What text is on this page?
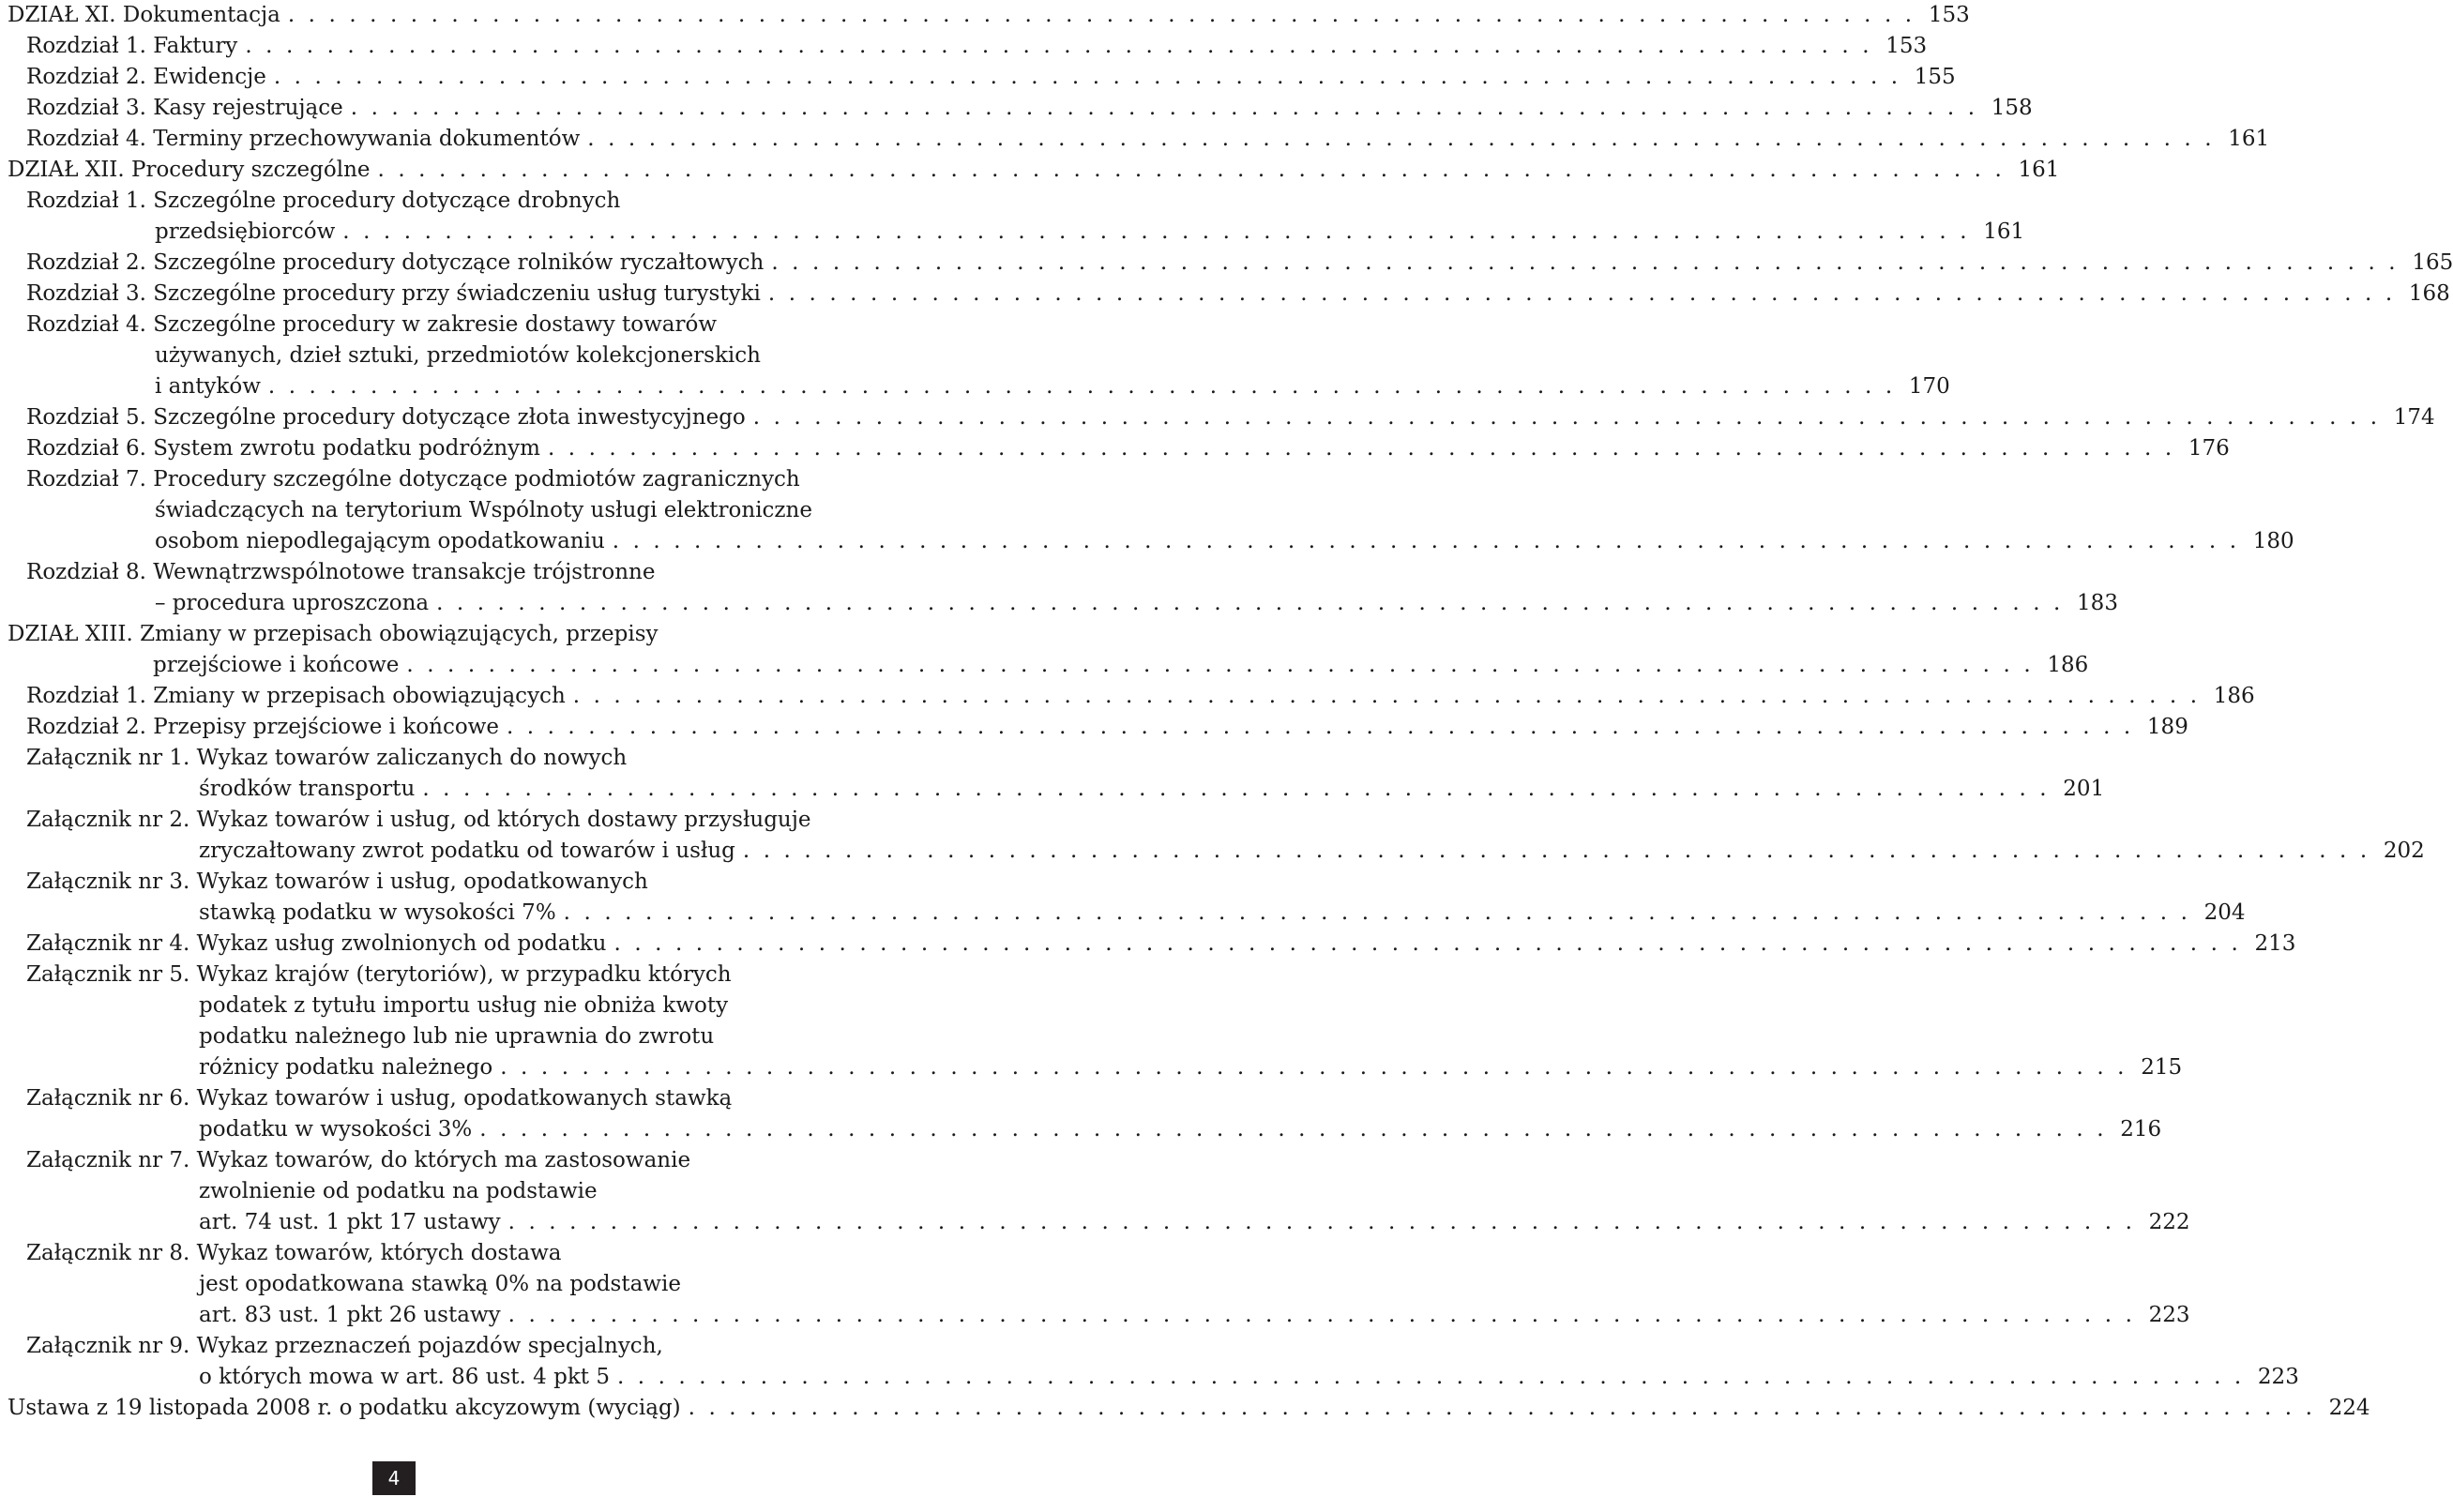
DZIAŁ XI. Dokumentacja . . . . . . . . . . . . . . . . . . . . . . . . . . . . . . . . . . . . . . . . . . . . . . . . . . . . . . . . . . . . . . . . . . . . . . . . . . . . . . . . 153
Rozdział 1. Faktury . . . . . . . . . . . . . . . . . . . . . . . . . . . . . . . . . . . . . . . . . . . . . . . . . . . . . . . . . . . . . . . . . . . . . . . . . . . . . . . . 153
Rozdział 2. Ewidencje . . . . . . . . . . . . . . . . . . . . . . . . . . . . . . . . . . . . . . . . . . . . . . . . . . . . . . . . . . . . . . . . . . . . . . . . . . . . . . . . 155
Rozdział 3. Kasy rejestrujące . . . . . . . . . . . . . . . . . . . . . . . . . . . . . . . . . . . . . . . . . . . . . . . . . . . . . . . . . . . . . . . . . . . . . . . . . . . . . . . . 158
Rozdział 4. Terminy przechowywania dokumentów . . . . . . . . . . . . . . . . . . . . . . . . . . . . . . . . . . . . . . . . . . . . . . . . . . . . . . . . . . . . . . . . . . . . . . . . . . . . . . . . 161
DZIAŁ XII. Procedury szczególne . . . . . . . . . . . . . . . . . . . . . . . . . . . . . . . . . . . . . . . . . . . . . . . . . . . . . . . . . . . . . . . . . . . . . . . . . . . . . . . . 161
Rozdział 1. Szczególne procedury dotyczące drobnych
przedsiębiorców . . . . . . . . . . . . . . . . . . . . . . . . . . . . . . . . . . . . . . . . . . . . . . . . . . . . . . . . . . . . . . . . . . . . . . . . . . . . . . . . 161
Rozdział 2. Szczególne procedury dotyczące rolników ryczałtowych . . . . . . . . . . . . . . . . . . . . . . . . . . . . . . . . . . . . . . . . . . . . . . . . . . . . . . . . . . . . . . . . . . . . . . . . . . . . . . . . 165
Rozdział 3. Szczególne procedury przy świadczeniu usług turystyki . . . . . . . . . . . . . . . . . . . . . . . . . . . . . . . . . . . . . . . . . . . . . . . . . . . . . . . . . . . . . . . . . . . . . . . . . . . . . . . . 168
Rozdział 4. Szczególne procedury w zakresie dostawy towarów
używanych, dzieł sztuki, przedmiotów kolekcjonerskich
i antyków . . . . . . . . . . . . . . . . . . . . . . . . . . . . . . . . . . . . . . . . . . . . . . . . . . . . . . . . . . . . . . . . . . . . . . . . . . . . . . . . 170
Rozdział 5. Szczególne procedury dotyczące złota inwestycyjnego . . . . . . . . . . . . . . . . . . . . . . . . . . . . . . . . . . . . . . . . . . . . . . . . . . . . . . . . . . . . . . . . . . . . . . . . . . . . . . . . 174
Rozdział 6. System zwrotu podatku podróżnym . . . . . . . . . . . . . . . . . . . . . . . . . . . . . . . . . . . . . . . . . . . . . . . . . . . . . . . . . . . . . . . . . . . . . . . . . . . . . . . . 176
Rozdział 7. Procedury szczególne dotyczące podmiotów zagranicznych
świadczących na terytorium Wspólnoty usługi elektroniczne
osobom niepodlegającym opodatkowaniu . . . . . . . . . . . . . . . . . . . . . . . . . . . . . . . . . . . . . . . . . . . . . . . . . . . . . . . . . . . . . . . . . . . . . . . . . . . . . . . . 180
Rozdział 8. Wewnątrzwspólnotowe transakcje trójstronne
– procedura uproszczona . . . . . . . . . . . . . . . . . . . . . . . . . . . . . . . . . . . . . . . . . . . . . . . . . . . . . . . . . . . . . . . . . . . . . . . . . . . . . . . . 183
DZIAŁ XIII. Zmiany w przepisach obowiązujących, przepisy
przejściowe i końcowe . . . . . . . . . . . . . . . . . . . . . . . . . . . . . . . . . . . . . . . . . . . . . . . . . . . . . . . . . . . . . . . . . . . . . . . . . . . . . . . . 186
Rozdział 1. Zmiany w przepisach obowiązujących . . . . . . . . . . . . . . . . . . . . . . . . . . . . . . . . . . . . . . . . . . . . . . . . . . . . . . . . . . . . . . . . . . . . . . . . . . . . . . . . 186
Rozdział 2. Przepisy przejściowe i końcowe . . . . . . . . . . . . . . . . . . . . . . . . . . . . . . . . . . . . . . . . . . . . . . . . . . . . . . . . . . . . . . . . . . . . . . . . . . . . . . . . 189
Załącznik nr 1. Wykaz towarów zaliczanych do nowych
środków transportu . . . . . . . . . . . . . . . . . . . . . . . . . . . . . . . . . . . . . . . . . . . . . . . . . . . . . . . . . . . . . . . . . . . . . . . . . . . . . . . . 201
Załącznik nr 2. Wykaz towarów i usług, od których dostawy przysługuje
zryczałtowany zwrot podatku od towarów i usług . . . . . . . . . . . . . . . . . . . . . . . . . . . . . . . . . . . . . . . . . . . . . . . . . . . . . . . . . . . . . . . . . . . . . . . . . . . . . . . . 202
Załącznik nr 3. Wykaz towarów i usług, opodatkowanych
stawką podatku w wysokości 7% . . . . . . . . . . . . . . . . . . . . . . . . . . . . . . . . . . . . . . . . . . . . . . . . . . . . . . . . . . . . . . . . . . . . . . . . . . . . . . . . 204
Załącznik nr 4. Wykaz usług zwolnionych od podatku . . . . . . . . . . . . . . . . . . . . . . . . . . . . . . . . . . . . . . . . . . . . . . . . . . . . . . . . . . . . . . . . . . . . . . . . . . . . . . . . 213
Załącznik nr 5. Wykaz krajów (terytoriów), w przypadku których
podatek z tytułu importu usług nie obniża kwoty
podatku należnego lub nie uprawnia do zwrotu
różnicy podatku należnego . . . . . . . . . . . . . . . . . . . . . . . . . . . . . . . . . . . . . . . . . . . . . . . . . . . . . . . . . . . . . . . . . . . . . . . . . . . . . . . . 215
Załącznik nr 6. Wykaz towarów i usług, opodatkowanych stawką
podatku w wysokości 3% . . . . . . . . . . . . . . . . . . . . . . . . . . . . . . . . . . . . . . . . . . . . . . . . . . . . . . . . . . . . . . . . . . . . . . . . . . . . . . . . 216
Załącznik nr 7. Wykaz towarów, do których ma zastosowanie
zwolnienie od podatku na podstawie
art. 74 ust. 1 pkt 17 ustawy . . . . . . . . . . . . . . . . . . . . . . . . . . . . . . . . . . . . . . . . . . . . . . . . . . . . . . . . . . . . . . . . . . . . . . . . . . . . . . . . 222
Załącznik nr 8. Wykaz towarów, których dostawa
jest opodatkowana stawką 0% na podstawie
art. 83 ust. 1 pkt 26 ustawy . . . . . . . . . . . . . . . . . . . . . . . . . . . . . . . . . . . . . . . . . . . . . . . . . . . . . . . . . . . . . . . . . . . . . . . . . . . . . . . . 223
Załącznik nr 9. Wykaz przeznaczeń pojazdów specjalnych,
o których mowa w art. 86 ust. 4 pkt 5 . . . . . . . . . . . . . . . . . . . . . . . . . . . . . . . . . . . . . . . . . . . . . . . . . . . . . . . . . . . . . . . . . . . . . . . . . . . . . . . . 223
Ustawa z 19 listopada 2008 r. o podatku akcyzowym (wyciąg) . . . . . . . . . . . . . . . . . . . . . . . . . . . . . . . . . . . . . . . . . . . . . . . . . . . . . . . . . . . . . . . . . . . . . . . . . . . . . . . . 224
4
